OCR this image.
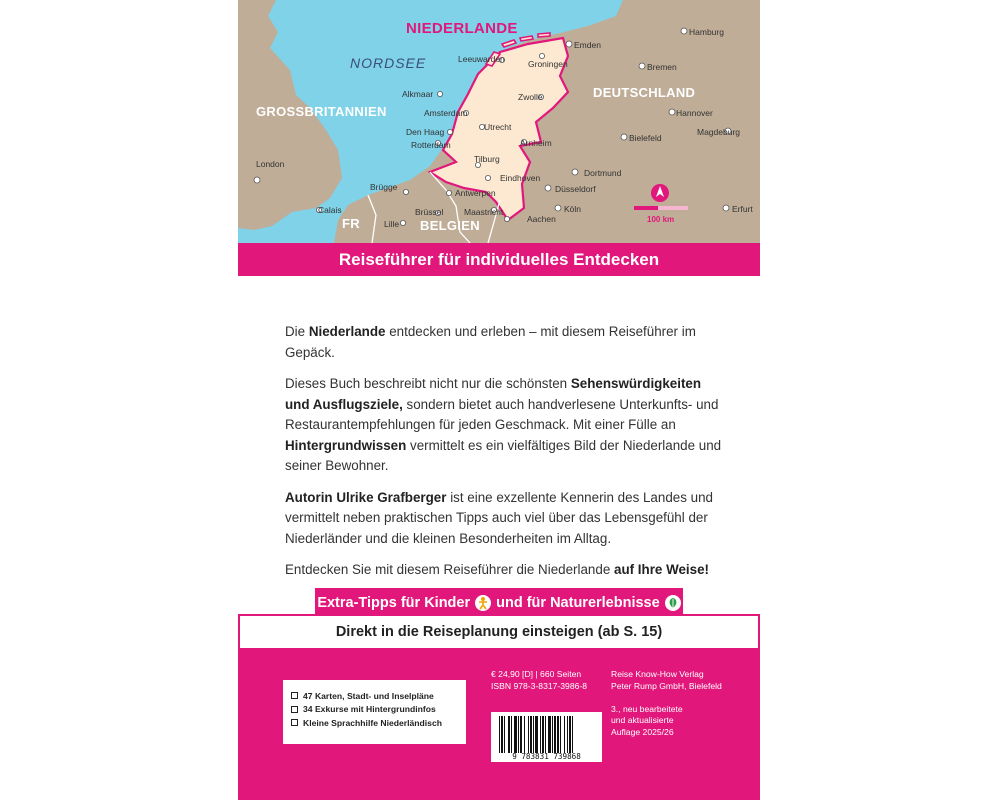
NIEDERLANDE
NORDSEE
DEUTSCHLAND
GROSSBRITANNIEN
BELGIEN
FR
Hamburg
Emden
Bremen
Leeuwarden	Groningen
Alkmaar	Zwolle
Amsterdam	Hannover
Magdeburg
Den Haag	Utrecht
Rotterdam
Bielefeld
Arnheim
London	Tilburg
Dortmund
Eindhoven
Brügge
Antwerpen	Düsseldorf
Calais	Brüssel Maastricht	Köln	Erfurt
Lille	Aachen	100 km
Reiseführer für individuelles Entdecken

Die Niederlande entdecken und erleben – mit diesem Reiseführer im Gepäck.

Dieses Buch beschreibt nicht nur die schönsten Sehenswürdigkeiten und Ausflugsziele, sondern bietet auch handverlesene Unterkunfts- und Restaurantempfehlungen für jeden Geschmack. Mit einer Fülle an Hintergrundwissen vermittelt es ein vielfältiges Bild der Niederlande und seiner Bewohner.

Autorin Ulrike Grafberger ist eine exzellente Kennerin des Landes und vermittelt neben praktischen Tipps auch viel über das Lebensgefühl der Niederländer und die kleinen Besonderheiten im Alltag.

Entdecken Sie mit diesem Reiseführer die Niederlande auf Ihre Weise!

Extra-Tipps für Kinder und für Naturerlebnisse
Direkt in die Reiseplanung einsteigen (ab S. 15)
47 Karten, Stadt- und Inselpläne
34 Exkurse mit Hintergrundinfos
Kleine Sprachhilfe Niederländisch
€ 24,90 [D] | 660 Seiten
ISBN 978-3-8317-3986-8
Reise Know-How Verlag
Peter Rump GmbH, Bielefeld
3., neu bearbeitete
und aktualisierte
Auflage 2025/26
9 783831 739868
